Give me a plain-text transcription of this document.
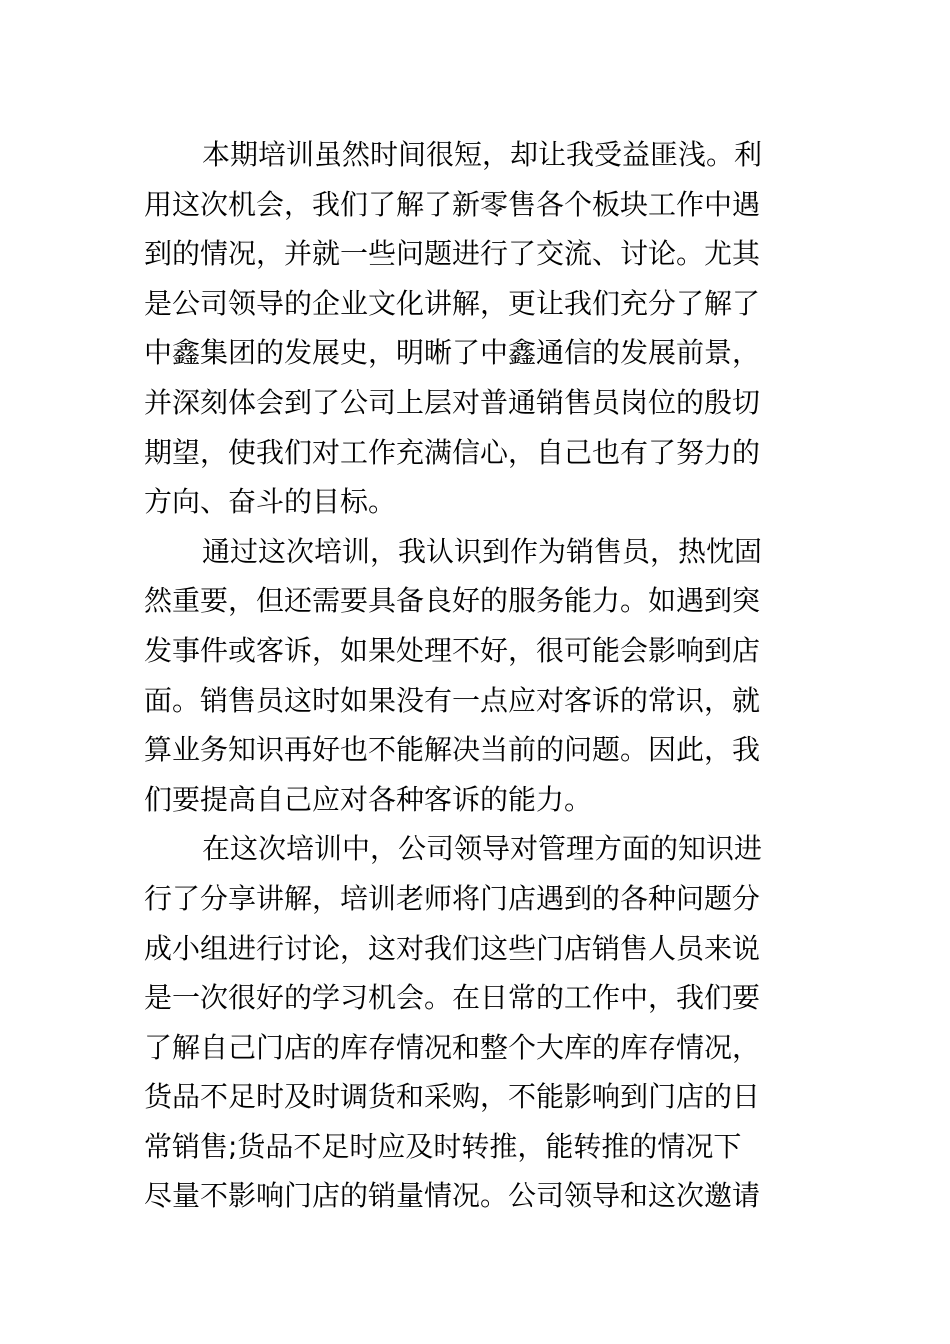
本期培训虽然时间很短，却让我受益匪浅。利
用这次机会，我们了解了新零售各个板块工作中遇
到的情况，并就一些问题进行了交流、讨论。尤其
是公司领导的企业文化讲解，更让我们充分了解了
中鑫集团的发展史，明晰了中鑫通信的发展前景，
并深刻体会到了公司上层对普通销售员岗位的殷切
期望，使我们对工作充满信心，自己也有了努力的
方向、奋斗的目标。
通过这次培训，我认识到作为销售员，热忱固
然重要，但还需要具备良好的服务能力。如遇到突
发事件或客诉，如果处理不好，很可能会影响到店
面。销售员这时如果没有一点应对客诉的常识，就
算业务知识再好也不能解决当前的问题。因此，我
们要提高自己应对各种客诉的能力。
在这次培训中，公司领导对管理方面的知识进
行了分享讲解，培训老师将门店遇到的各种问题分
成小组进行讨论，这对我们这些门店销售人员来说
是一次很好的学习机会。在日常的工作中，我们要
了解自己门店的库存情况和整个大库的库存情况，
货品不足时及时调货和采购，不能影响到门店的日
常销售;货品不足时应及时转推，能转推的情况下
尽量不影响门店的销量情况。公司领导和这次邀请
